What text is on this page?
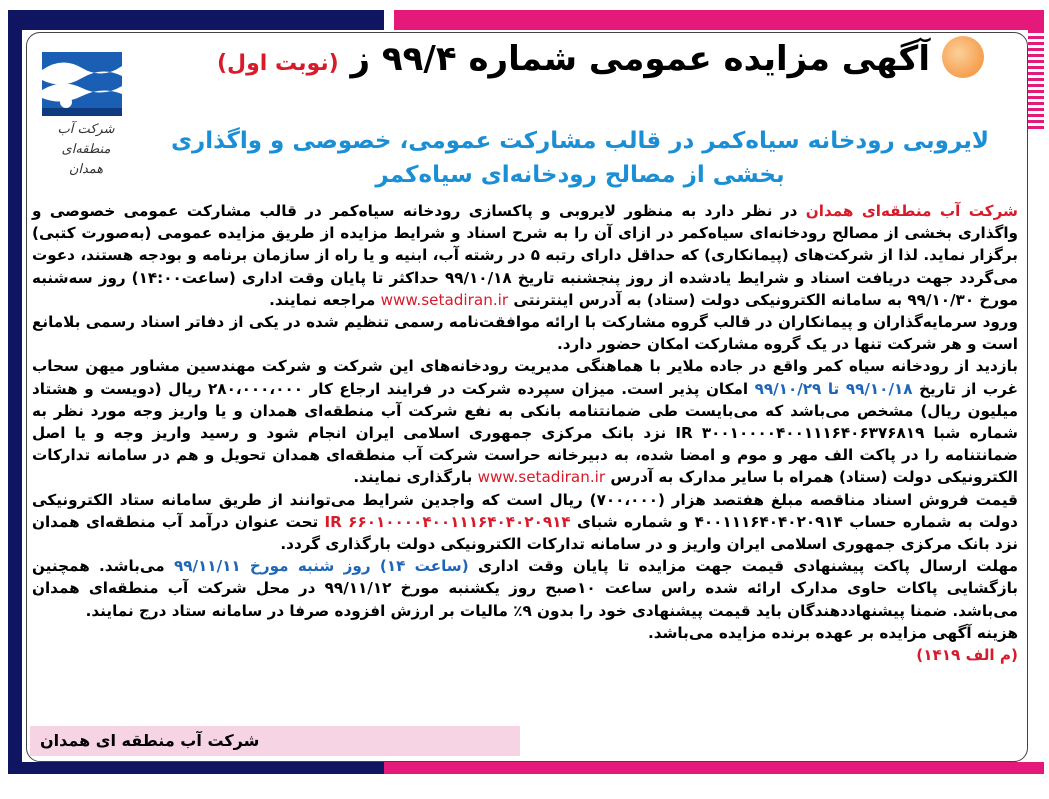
شرکت آب منطقه‌ای
همدان
آگهی مزایده عمومی شماره ۹۹/۴ ز (نوبت اول)
لایروبی رودخانه سیاه‌کمر در قالب مشارکت عمومی، خصوصی و واگذاری بخشی از مصالح رودخانه‌ای سیاه‌کمر

شرکت آب منطقه‌ای همدان در نظر دارد به منظور لایروبی و پاکسازی رودخانه سیاه‌کمر در قالب مشارکت عمومی خصوصی و واگذاری بخشی از مصالح رودخانه‌ای سیاه‌کمر در ازای آن را به شرح اسناد و شرایط مزایده از طریق مزایده عمومی (به‌صورت کتبی) برگزار نماید. لذا از شرکت‌های (پیمانکاری) که حداقل دارای رتبه ۵ در رشته آب، ابنیه و یا راه از سازمان برنامه و بودجه هستند، دعوت می‌گردد جهت دریافت اسناد و شرایط یادشده از روز پنجشنبه تاریخ ۹۹/۱۰/۱۸ حداکثر تا پایان وقت اداری (ساعت۱۴:۰۰) روز سه‌شنبه مورخ ۹۹/۱۰/۳۰ به سامانه الکترونیکی دولت (ستاد) به آدرس اینترنتی www.setadiran.ir مراجعه نمایند.

ورود سرمایه‌گذاران و پیمانکاران در قالب گروه مشارکت با ارائه موافقت‌نامه رسمی تنظیم شده در یکی از دفاتر اسناد رسمی بلامانع است و هر شرکت تنها در یک گروه مشارکت امکان حضور دارد.

بازدید از رودخانه سیاه کمر واقع در جاده ملایر با هماهنگی مدیریت رودخانه‌های این شرکت و شرکت مهندسین مشاور میهن سحاب غرب از تاریخ ۹۹/۱۰/۱۸ تا ۹۹/۱۰/۲۹ امکان پذیر است. میزان سپرده شرکت در فرایند ارجاع کار ۲۸۰،۰۰۰،۰۰۰ ریال (دویست و هشتاد میلیون ریال) مشخص می‌باشد که می‌بایست طی ضمانتنامه بانکی به نفع شرکت آب منطقه‌ای همدان و یا واریز وجه مورد نظر به شماره شبا IR ۳۰۰۱۰۰۰۰۴۰۰۱۱۱۶۴۰۶۳۷۶۸۱۹ نزد بانک مرکزی جمهوری اسلامی ایران انجام شود و رسید واریز وجه و یا اصل ضمانتنامه را در پاکت الف مهر و موم و امضا شده، به دبیرخانه حراست شرکت آب منطقه‌ای همدان تحویل و هم در سامانه تدارکات الکترونیکی دولت (ستاد) همراه با سایر مدارک به آدرس www.setadiran.ir بارگذاری نمایند.

قیمت فروش اسناد مناقصه مبلغ هفتصد هزار (۷۰۰،۰۰۰) ریال است که واجدین شرایط می‌توانند از طریق سامانه ستاد الکترونیکی دولت به شماره حساب ۴۰۰۱۱۱۶۴۰۴۰۲۰۹۱۴ و شماره شبای IR ۶۶۰۱۰۰۰۰۴۰۰۱۱۱۶۴۰۴۰۲۰۹۱۴ تحت عنوان درآمد آب منطقه‌ای همدان نزد بانک مرکزی جمهوری اسلامی ایران واریز و در سامانه تدارکات الکترونیکی دولت بارگذاری گردد.

مهلت ارسال پاکت پیشنهادی قیمت جهت مزایده تا پایان وقت اداری (ساعت ۱۴) روز شنبه مورخ ۹۹/۱۱/۱۱ می‌باشد. همچنین بازگشایی پاکات حاوی مدارک ارائه شده راس ساعت ۱۰صبح روز یکشنبه مورخ ۹۹/۱۱/۱۲ در محل شرکت آب منطقه‌ای همدان می‌باشد. ضمنا پیشنهاددهندگان باید قیمت پیشنهادی خود را بدون ۹٪ مالیات بر ارزش افزوده صرفا در سامانه ستاد درج نمایند.

هزینه آگهی مزایده بر عهده برنده مزایده می‌باشد.

(م الف ۱۴۱۹)

شرکت آب منطقه ای همدان
